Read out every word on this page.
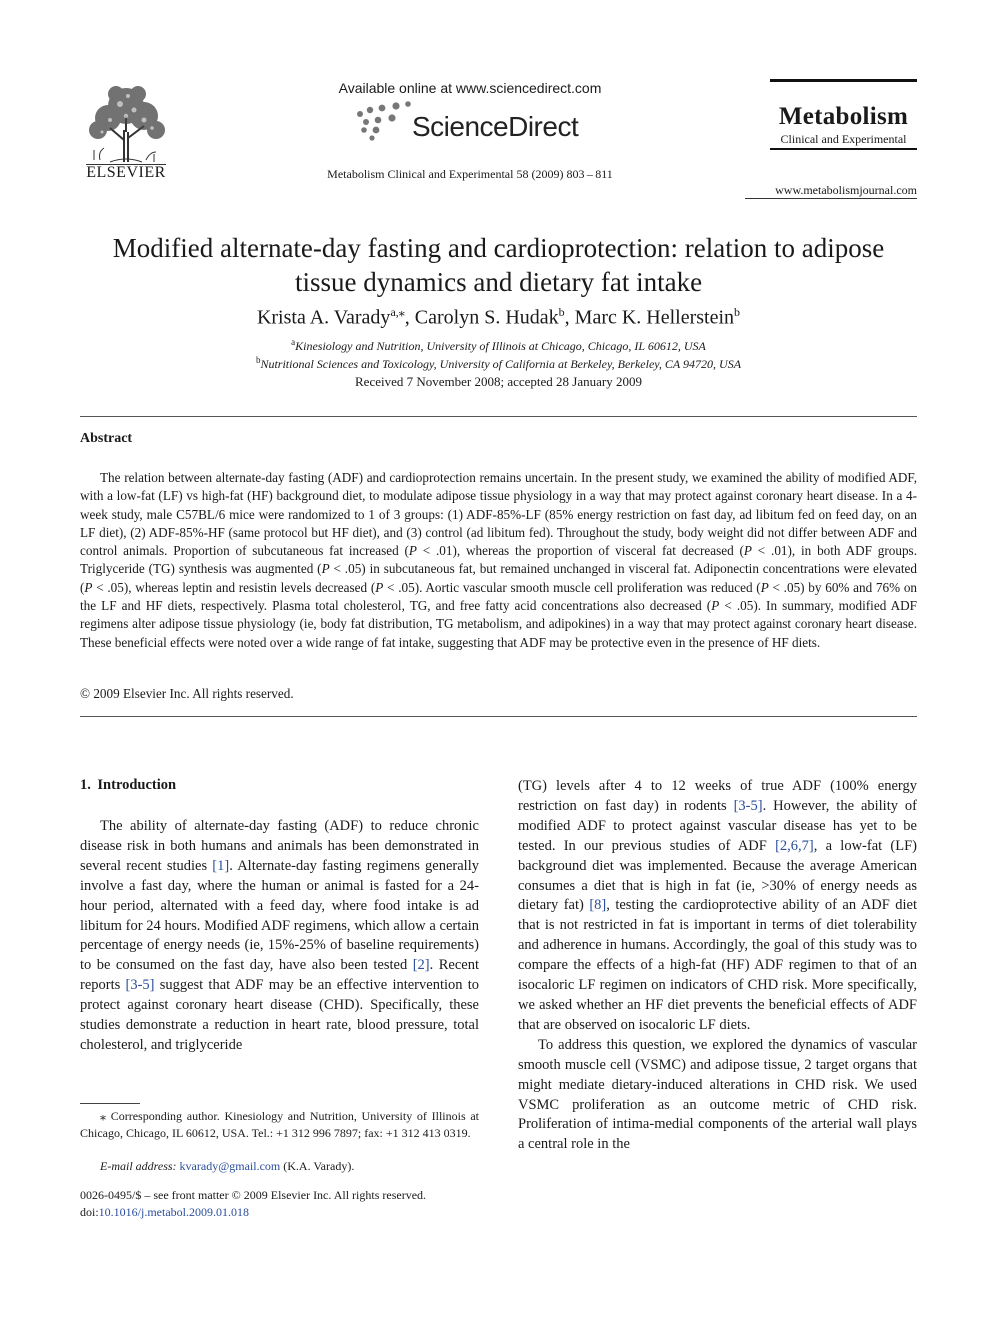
ELSEVIER
Available online at www.sciencedirect.com
ScienceDirect
Metabolism Clinical and Experimental 58 (2009) 803 – 811
Metabolism
Clinical and Experimental
www.metabolismjournal.com
Modified alternate-day fasting and cardioprotection: relation to adipose tissue dynamics and dietary fat intake
Krista A. Varady$^{a,⁎}$, Carolyn S. Hudak$^b$, Marc K. Hellerstein$^b$
$^a$Kinesiology and Nutrition, University of Illinois at Chicago, Chicago, IL 60612, USA
$^b$Nutritional Sciences and Toxicology, University of California at Berkeley, Berkeley, CA 94720, USA
Received 7 November 2008; accepted 28 January 2009
Abstract
The relation between alternate-day fasting (ADF) and cardioprotection remains uncertain. In the present study, we examined the ability of modified ADF, with a low-fat (LF) vs high-fat (HF) background diet, to modulate adipose tissue physiology in a way that may protect against coronary heart disease. In a 4-week study, male C57BL/6 mice were randomized to 1 of 3 groups: (1) ADF-85%-LF (85% energy restriction on fast day, ad libitum fed on feed day, on an LF diet), (2) ADF-85%-HF (same protocol but HF diet), and (3) control (ad libitum fed). Throughout the study, body weight did not differ between ADF and control animals. Proportion of subcutaneous fat increased (P < .01), whereas the proportion of visceral fat decreased (P < .01), in both ADF groups. Triglyceride (TG) synthesis was augmented (P < .05) in subcutaneous fat, but remained unchanged in visceral fat. Adiponectin concentrations were elevated (P < .05), whereas leptin and resistin levels decreased (P < .05). Aortic vascular smooth muscle cell proliferation was reduced (P < .05) by 60% and 76% on the LF and HF diets, respectively. Plasma total cholesterol, TG, and free fatty acid concentrations also decreased (P < .05). In summary, modified ADF regimens alter adipose tissue physiology (ie, body fat distribution, TG metabolism, and adipokines) in a way that may protect against coronary heart disease. These beneficial effects were noted over a wide range of fat intake, suggesting that ADF may be protective even in the presence of HF diets.
© 2009 Elsevier Inc. All rights reserved.
1.  Introduction
The ability of alternate-day fasting (ADF) to reduce chronic disease risk in both humans and animals has been demonstrated in several recent studies [1]. Alternate-day fasting regimens generally involve a fast day, where the human or animal is fasted for a 24-hour period, alternated with a feed day, where food intake is ad libitum for 24 hours. Modified ADF regimens, which allow a certain percentage of energy needs (ie, 15%-25% of baseline requirements) to be consumed on the fast day, have also been tested [2]. Recent reports [3-5] suggest that ADF may be an effective intervention to protect against coronary heart disease (CHD). Specifically, these studies demonstrate a reduction in heart rate, blood pressure, total cholesterol, and triglyceride

(TG) levels after 4 to 12 weeks of true ADF (100% energy restriction on fast day) in rodents [3-5]. However, the ability of modified ADF to protect against vascular disease has yet to be tested. In our previous studies of ADF [2,6,7], a low-fat (LF) background diet was implemented. Because the average American consumes a diet that is high in fat (ie, >30% of energy needs as dietary fat) [8], testing the cardioprotective ability of an ADF diet that is not restricted in fat is important in terms of diet tolerability and adherence in humans. Accordingly, the goal of this study was to compare the effects of a high-fat (HF) ADF regimen to that of an isocaloric LF regimen on indicators of CHD risk. More specifically, we asked whether an HF diet prevents the beneficial effects of ADF that are observed on isocaloric LF diets.

To address this question, we explored the dynamics of vascular smooth muscle cell (VSMC) and adipose tissue, 2 target organs that might mediate dietary-induced alterations in CHD risk. We used VSMC proliferation as an outcome metric of CHD risk. Proliferation of intima-medial components of the arterial wall plays a central role in the

⁎ Corresponding author. Kinesiology and Nutrition, University of Illinois at Chicago, Chicago, IL 60612, USA. Tel.: +1 312 996 7897; fax: +1 312 413 0319.
E-mail address: kvarady@gmail.com (K.A. Varady).
0026-0495/$ – see front matter © 2009 Elsevier Inc. All rights reserved.
doi:10.1016/j.metabol.2009.01.018
